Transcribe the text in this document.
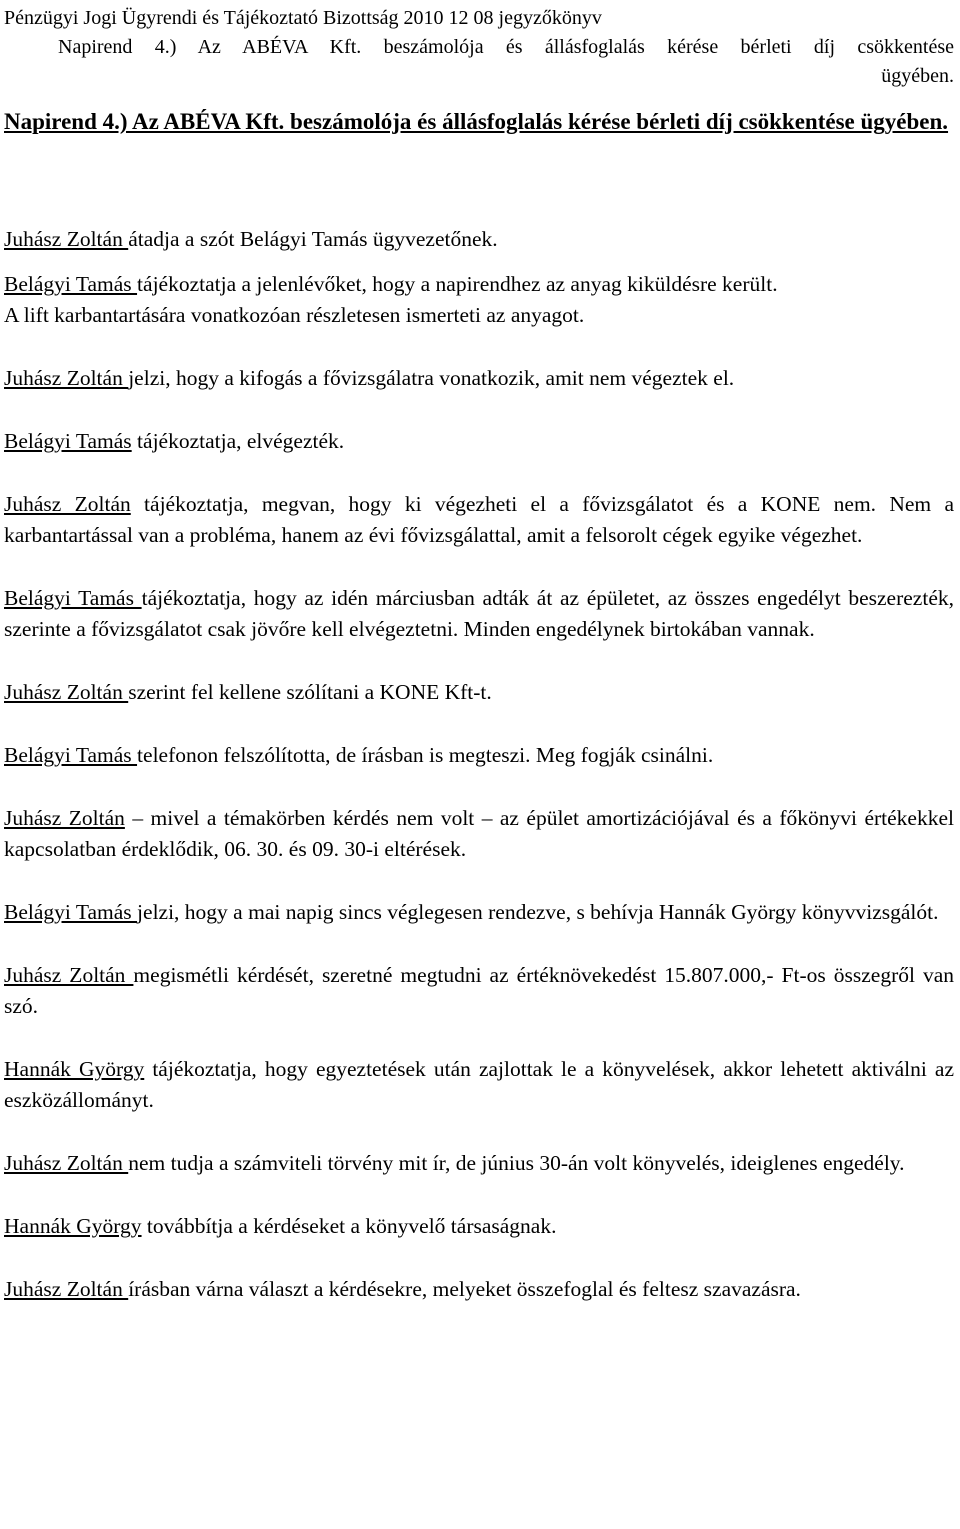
Pénzügyi Jogi Ügyrendi és Tájékoztató Bizottság 2010 12 08 jegyzőkönyv
Napirend 4.) Az ABÉVA Kft. beszámolója és állásfoglalás kérése bérleti díj csökkentése
ügyében.
Napirend 4.) Az ABÉVA Kft. beszámolója és állásfoglalás kérése bérleti díj csökkentése ügyében.

Juhász Zoltán átadja a szót Belágyi Tamás ügyvezetőnek.

Belágyi Tamás tájékoztatja a jelenlévőket, hogy a napirendhez az anyag kiküldésre került.

A lift karbantartására vonatkozóan részletesen ismerteti az anyagot.

Juhász Zoltán jelzi, hogy a kifogás a fővizsgálatra vonatkozik, amit nem végeztek el.

Belágyi Tamás tájékoztatja, elvégezték.

Juhász Zoltán tájékoztatja, megvan, hogy ki végezheti el a fővizsgálatot és a KONE nem. Nem a karbantartással van a probléma, hanem az évi fővizsgálattal, amit a felsorolt cégek egyike végezhet.

Belágyi Tamás tájékoztatja, hogy az idén márciusban adták át az épületet, az összes engedélyt beszerezték, szerinte a fővizsgálatot csak jövőre kell elvégeztetni. Minden engedélynek birtokában vannak.

Juhász Zoltán szerint fel kellene szólítani a KONE Kft-t.

Belágyi Tamás telefonon felszólította, de írásban is megteszi. Meg fogják csinálni.

Juhász Zoltán – mivel a témakörben kérdés nem volt – az épület amortizációjával és a főkönyvi értékekkel kapcsolatban érdeklődik, 06. 30. és 09. 30-i eltérések.

Belágyi Tamás jelzi, hogy a mai napig sincs véglegesen rendezve, s behívja Hannák György könyvvizsgálót.

Juhász Zoltán megismétli kérdését, szeretné megtudni az értéknövekedést 15.807.000,- Ft-os összegről van szó.

Hannák György tájékoztatja, hogy egyeztetések után zajlottak le a könyvelések, akkor lehetett aktiválni az eszközállományt.

Juhász Zoltán nem tudja a számviteli törvény mit ír, de június 30-án volt könyvelés, ideiglenes engedély.

Hannák György továbbítja a kérdéseket a könyvelő társaságnak.

Juhász Zoltán írásban várna választ a kérdésekre, melyeket összefoglal és feltesz szavazásra.
